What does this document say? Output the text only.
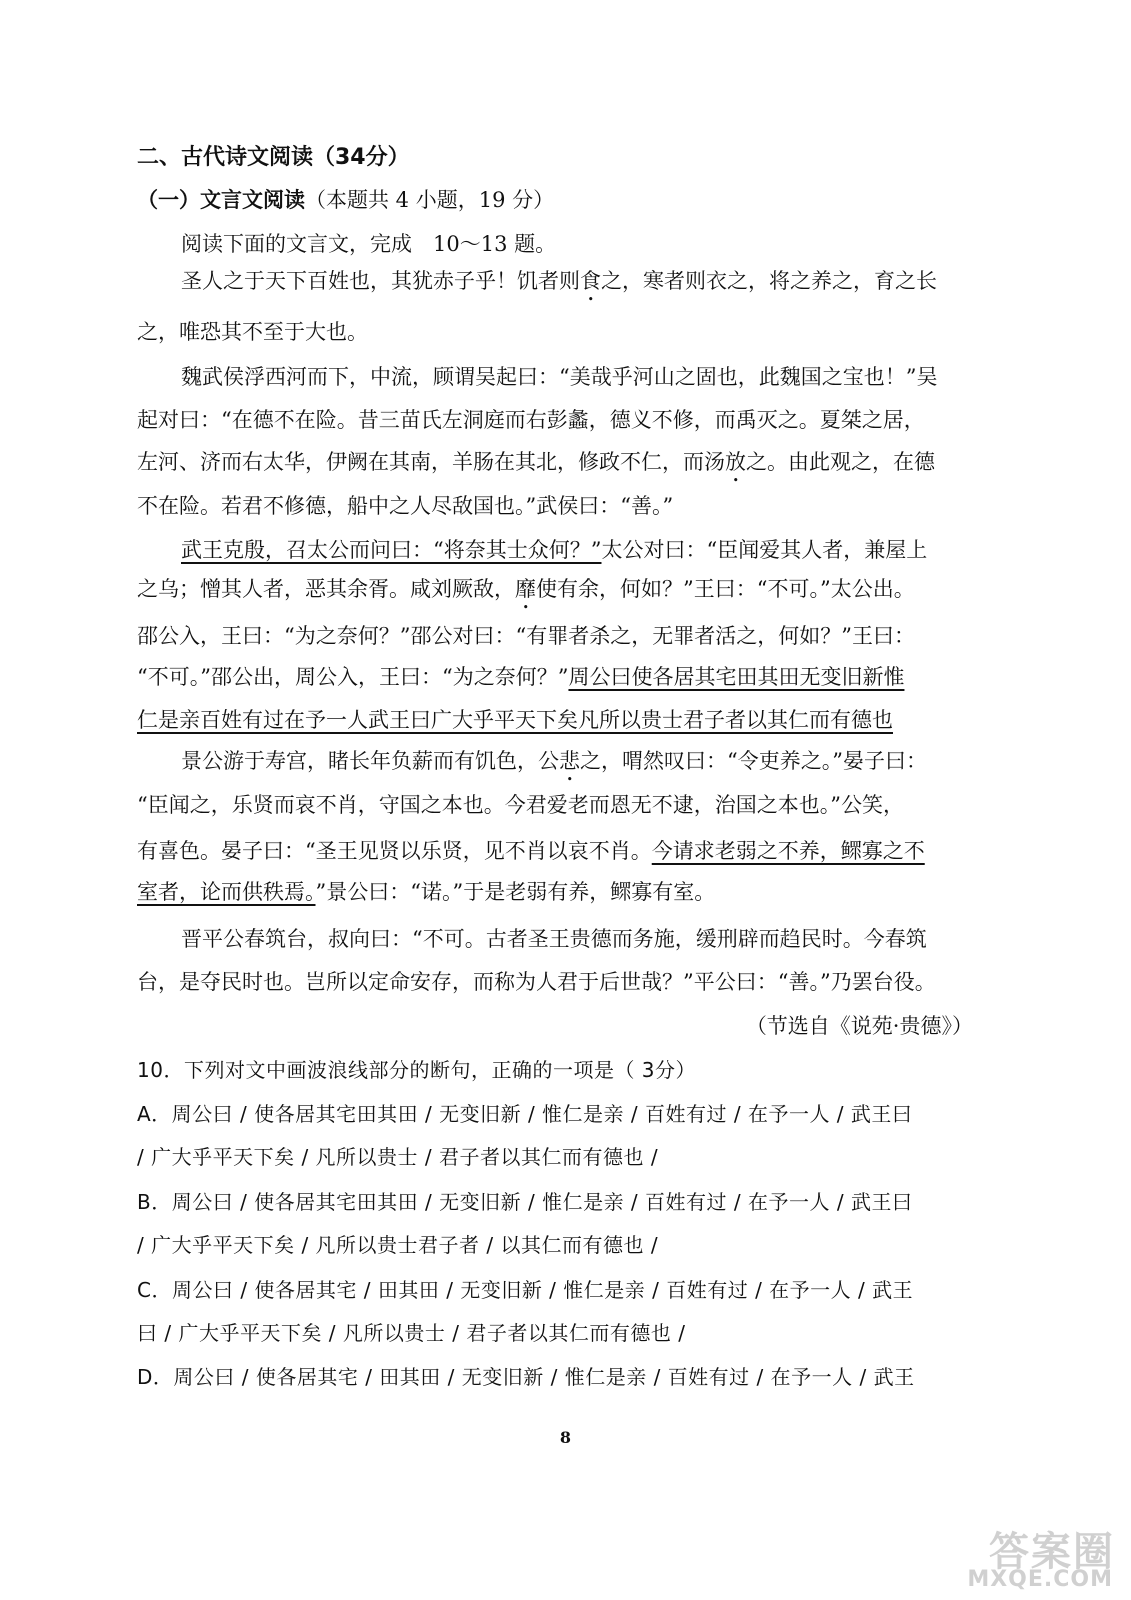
二、古代诗文阅读（34分）
（一）文言文阅读（本题共 4 小题，19 分）
阅读下面的文言文，完成　10～13 题。
圣人之于天下百姓也，其犹赤子乎！饥者则食之，寒者则衣之，将之养之，育之长
之，唯恐其不至于大也。
魏武侯浮西河而下，中流，顾谓吴起曰：“美哉乎河山之固也，此魏国之宝也！”吴
起对曰：“在德不在险。昔三苗氏左洞庭而右彭蠡，德义不修，而禹灭之。夏桀之居，
左河、济而右太华，伊阙在其南，羊肠在其北，修政不仁，而汤放之。由此观之，在德
不在险。若君不修德，船中之人尽敌国也。”武侯曰：“善。”
武王克殷，召太公而问曰：“将奈其士众何？”太公对曰：“臣闻爱其人者，兼屋上
之乌；憎其人者，恶其余胥。咸刘厥敌，靡使有余，何如？”王曰：“不可。”太公出。
邵公入，王曰：“为之奈何？”邵公对曰：“有罪者杀之，无罪者活之，何如？”王曰：
“不可。”邵公出，周公入，王曰：“为之奈何？”周公曰使各居其宅田其田无变旧新惟
仁是亲百姓有过在予一人武王曰广大乎平天下矣凡所以贵士君子者以其仁而有德也
景公游于寿宫，睹长年负薪而有饥色，公悲之，喟然叹曰：“令吏养之。”晏子曰：
“臣闻之，乐贤而哀不肖，守国之本也。今君爱老而恩无不逮，治国之本也。”公笑，
有喜色。晏子曰：“圣王见贤以乐贤，见不肖以哀不肖。今请求老弱之不养，鳏寡之不
室者，论而供秩焉。”景公曰：“诺。”于是老弱有养，鳏寡有室。
晋平公春筑台，叔向曰：“不可。古者圣王贵德而务施，缓刑辟而趋民时。今春筑
台，是夺民时也。岂所以定命安存，而称为人君于后世哉？”平公曰：“善。”乃罢台役。
（节选自《说苑·贵德》）
10．下列对文中画波浪线部分的断句，正确的一项是（ 3分）
A．周公曰 / 使各居其宅田其田 / 无变旧新 / 惟仁是亲 / 百姓有过 / 在予一人 / 武王曰
/ 广大乎平天下矣 / 凡所以贵士 / 君子者以其仁而有德也 /
B．周公曰 / 使各居其宅田其田 / 无变旧新 / 惟仁是亲 / 百姓有过 / 在予一人 / 武王曰
/ 广大乎平天下矣 / 凡所以贵士君子者 / 以其仁而有德也 /
C．周公曰 / 使各居其宅 / 田其田 / 无变旧新 / 惟仁是亲 / 百姓有过 / 在予一人 / 武王
曰 / 广大乎平天下矣 / 凡所以贵士 / 君子者以其仁而有德也 /
D．周公曰 / 使各居其宅 / 田其田 / 无变旧新 / 惟仁是亲 / 百姓有过 / 在予一人 / 武王
8
答案圈
MXQE.COM
